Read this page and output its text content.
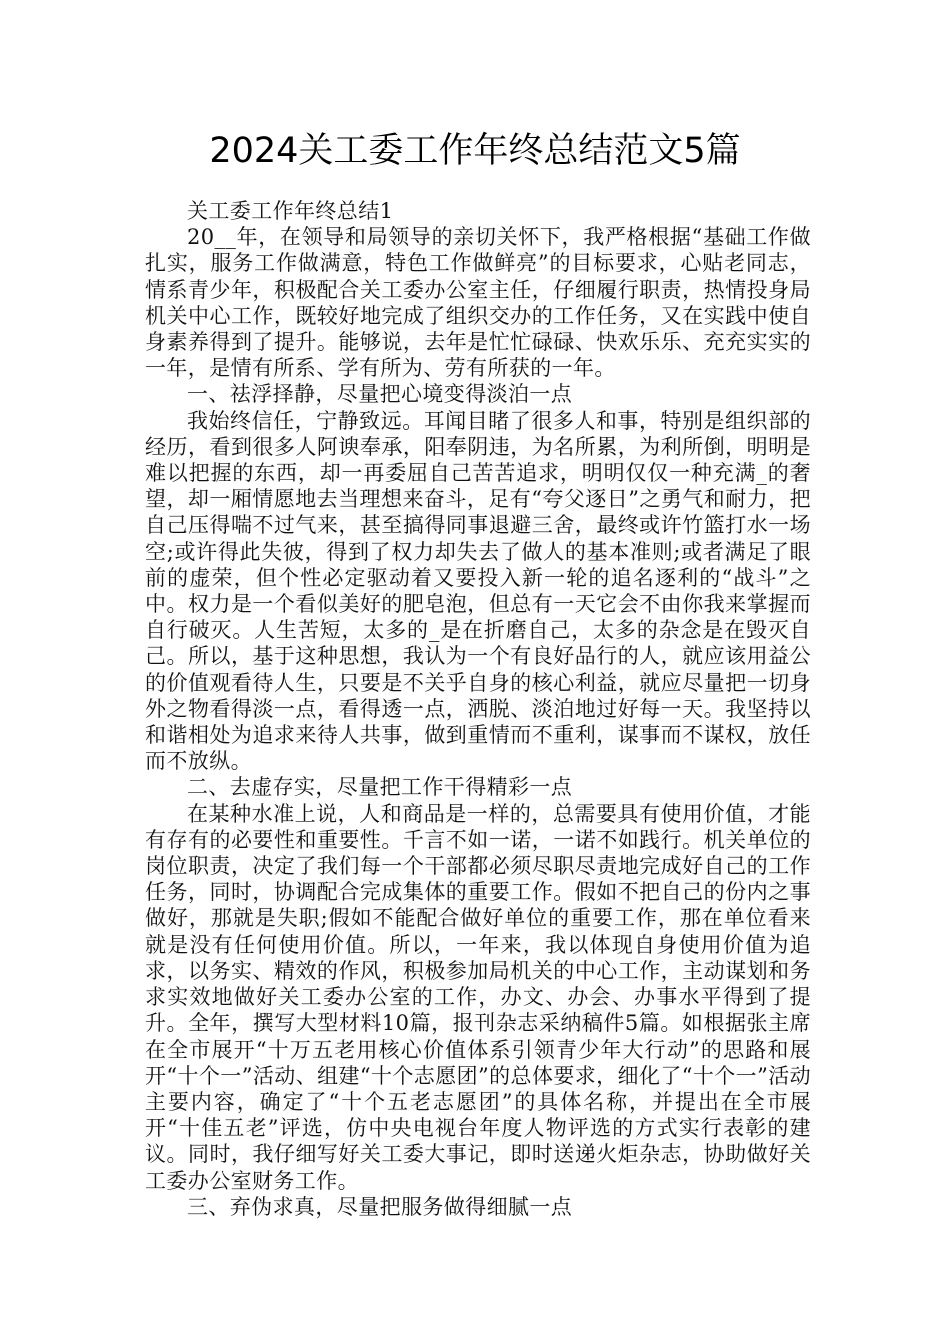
2024关工委工作年终总结范文5篇

关工委工作年终总结1

20__年，在领导和局领导的亲切关怀下，我严格根据“基础工作做扎实，服务工作做满意，特色工作做鲜亮”的目标要求，心贴老同志，情系青少年，积极配合关工委办公室主任，仔细履行职责，热情投身局机关中心工作，既较好地完成了组织交办的工作任务，又在实践中使自身素养得到了提升。能够说，去年是忙忙碌碌、快欢乐乐、充充实实的一年，是情有所系、学有所为、劳有所获的一年。

一、祛浮择静，尽量把心境变得淡泊一点

我始终信任，宁静致远。耳闻目睹了很多人和事，特别是组织部的经历，看到很多人阿谀奉承，阳奉阴违，为名所累，为利所倒，明明是难以把握的东西，却一再委屈自己苦苦追求，明明仅仅一种充满_的奢望，却一厢情愿地去当理想来奋斗，足有“夸父逐日”之勇气和耐力，把自己压得喘不过气来，甚至搞得同事退避三舍，最终或许竹篮打水一场空;或许得此失彼，得到了权力却失去了做人的基本准则;或者满足了眼前的虚荣，但个性必定驱动着又要投入新一轮的追名逐利的“战斗”之中。权力是一个看似美好的肥皂泡，但总有一天它会不由你我来掌握而自行破灭。人生苦短，太多的_是在折磨自己，太多的杂念是在毁灭自己。所以，基于这种思想，我认为一个有良好品行的人，就应该用益公的价值观看待人生，只要是不关乎自身的核心利益，就应尽量把一切身外之物看得淡一点，看得透一点，洒脱、淡泊地过好每一天。我坚持以和谐相处为追求来待人共事，做到重情而不重利，谋事而不谋权，放任而不放纵。

二、去虚存实，尽量把工作干得精彩一点

在某种水准上说，人和商品是一样的，总需要具有使用价值，才能有存有的必要性和重要性。千言不如一诺，一诺不如践行。机关单位的岗位职责，决定了我们每一个干部都必须尽职尽责地完成好自己的工作任务，同时，协调配合完成集体的重要工作。假如不把自己的份内之事做好，那就是失职;假如不能配合做好单位的重要工作，那在单位看来就是没有任何使用价值。所以，一年来，我以体现自身使用价值为追求，以务实、精效的作风，积极参加局机关的中心工作，主动谋划和务求实效地做好关工委办公室的工作，办文、办会、办事水平得到了提升。全年，撰写大型材料10篇，报刊杂志采纳稿件5篇。如根据张主席在全市展开“十万五老用核心价值体系引领青少年大行动”的思路和展开“十个一”活动、组建“十个志愿团”的总体要求，细化了“十个一”活动主要内容，确定了“十个五老志愿团”的具体名称，并提出在全市展开“十佳五老”评选，仿中央电视台年度人物评选的方式实行表彰的建议。同时，我仔细写好关工委大事记，即时送递火炬杂志，协助做好关工委办公室财务工作。

三、弃伪求真，尽量把服务做得细腻一点
